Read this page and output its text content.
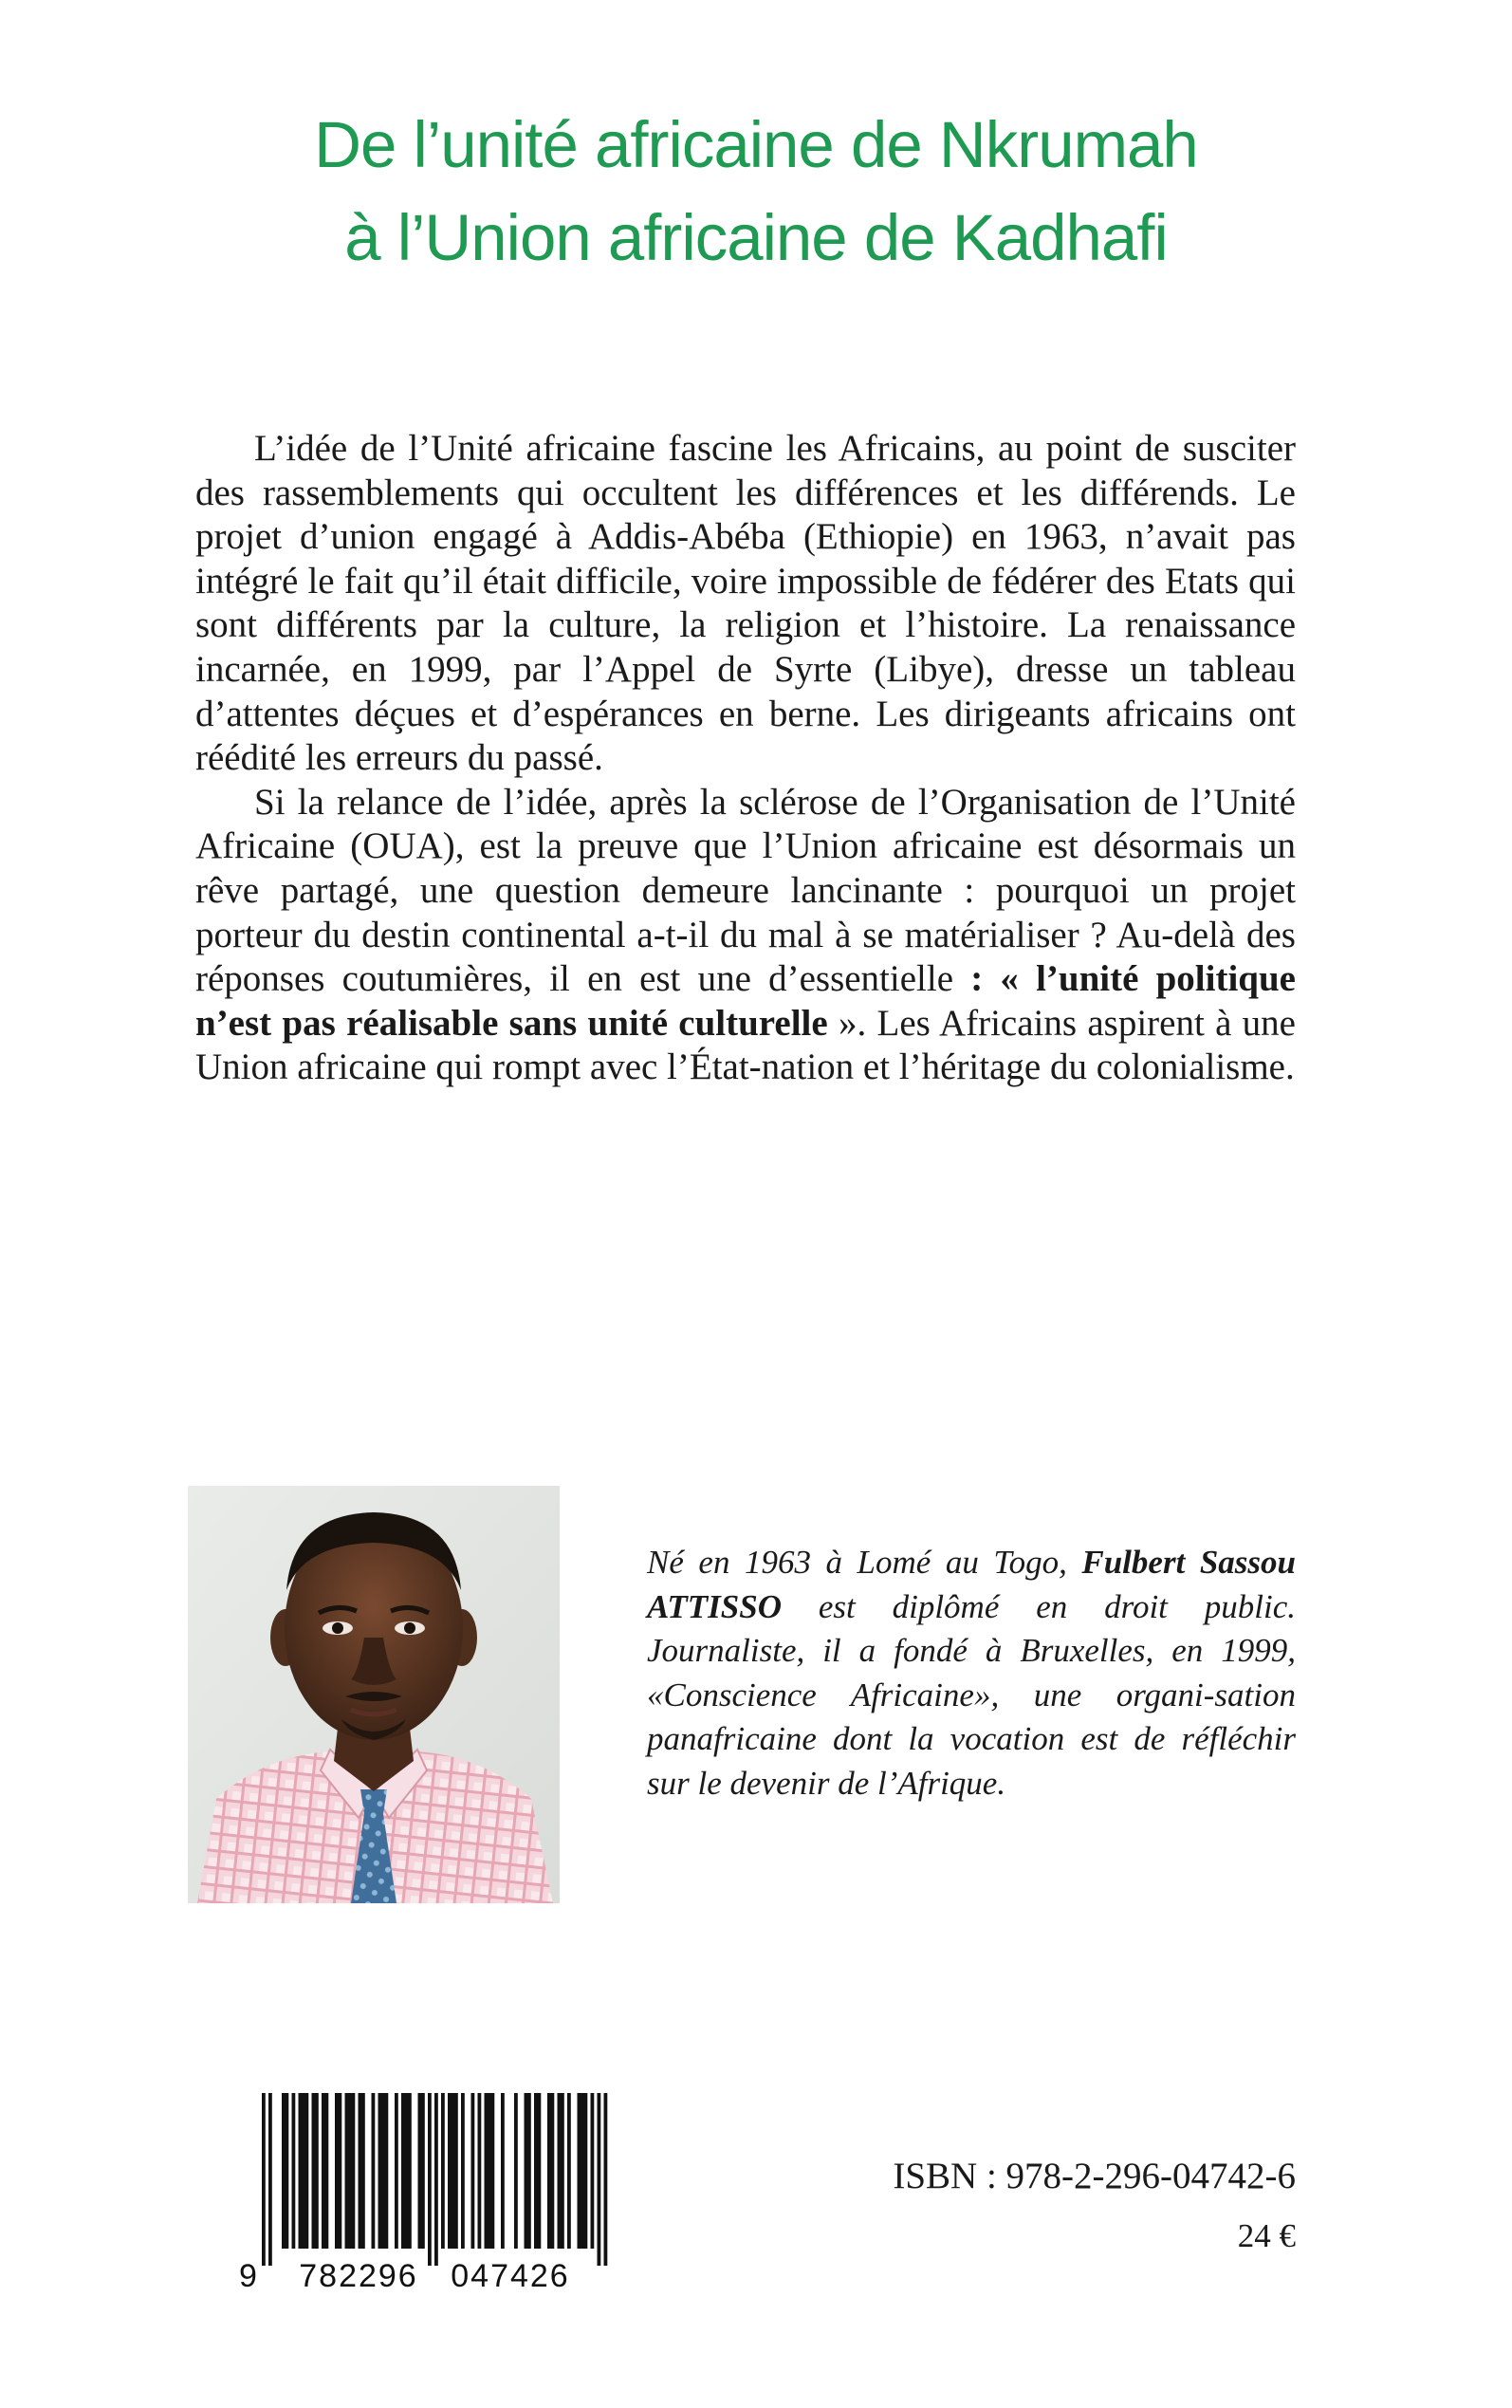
De l’unité africaine de Nkrumah
à l’Union africaine de Kadhafi

L’idée de l’Unité africaine fascine les Africains, au point de susciter des rassemblements qui occultent les différences et les différends. Le projet d’union engagé à Addis-Abéba (Ethiopie) en 1963, n’avait pas intégré le fait qu’il était difficile, voire impossible de fédérer des Etats qui sont différents par la culture, la religion et l’histoire. La renaissance incarnée, en 1999, par l’Appel de Syrte (Libye), dresse un tableau d’attentes déçues et d’espérances en berne. Les dirigeants africains ont réédité les erreurs du passé.

Si la relance de l’idée, après la sclérose de l’Organisation de l’Unité Africaine (OUA), est la preuve que l’Union africaine est désormais un rêve partagé, une question demeure lancinante : pourquoi un projet porteur du destin continental a-t-il du mal à se matérialiser ? Au-delà des réponses coutumières, il en est une d’essentielle : « l’unité politique n’est pas réalisable sans unité culturelle ». Les Africains aspirent à une Union africaine qui rompt avec l’État-nation et l’héritage du colonialisme.

Né en 1963 à Lomé au Togo, Fulbert Sassou ATTISSO est diplômé en droit public. Journaliste, il a fondé à Bruxelles, en 1999, «Conscience Africaine», une organi-sation panafricaine dont la vocation est de réfléchir sur le devenir de l’Afrique.

9 782296 047426

ISBN : 978-2-296-04742-6

24 €
